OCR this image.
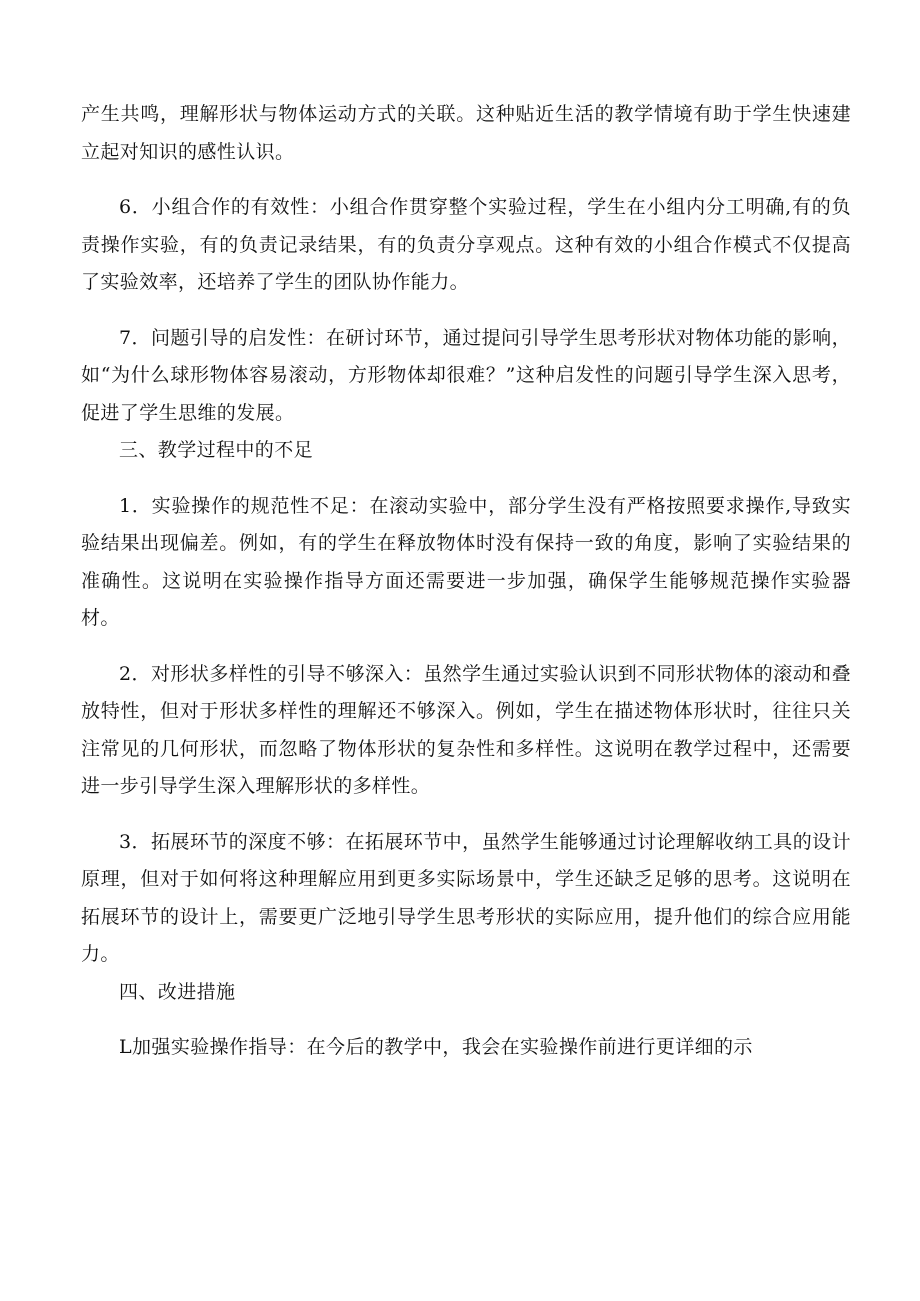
产生共鸣，理解形状与物体运动方式的关联。这种贴近生活的教学情境有助于学生快速建立起对知识的感性认识。

6．小组合作的有效性：小组合作贯穿整个实验过程，学生在小组内分工明确,有的负责操作实验，有的负责记录结果，有的负责分享观点。这种有效的小组合作模式不仅提高了实验效率，还培养了学生的团队协作能力。

7．问题引导的启发性：在研讨环节，通过提问引导学生思考形状对物体功能的影响，如“为什么球形物体容易滚动，方形物体却很难？”这种启发性的问题引导学生深入思考，促进了学生思维的发展。

三、教学过程中的不足

1．实验操作的规范性不足：在滚动实验中，部分学生没有严格按照要求操作,导致实验结果出现偏差。例如，有的学生在释放物体时没有保持一致的角度，影响了实验结果的准确性。这说明在实验操作指导方面还需要进一步加强，确保学生能够规范操作实验器材。

2．对形状多样性的引导不够深入：虽然学生通过实验认识到不同形状物体的滚动和叠放特性，但对于形状多样性的理解还不够深入。例如，学生在描述物体形状时，往往只关注常见的几何形状，而忽略了物体形状的复杂性和多样性。这说明在教学过程中，还需要进一步引导学生深入理解形状的多样性。

3．拓展环节的深度不够：在拓展环节中，虽然学生能够通过讨论理解收纳工具的设计原理，但对于如何将这种理解应用到更多实际场景中，学生还缺乏足够的思考。这说明在拓展环节的设计上，需要更广泛地引导学生思考形状的实际应用，提升他们的综合应用能力。

四、改进措施

L加强实验操作指导：在今后的教学中，我会在实验操作前进行更详细的示
